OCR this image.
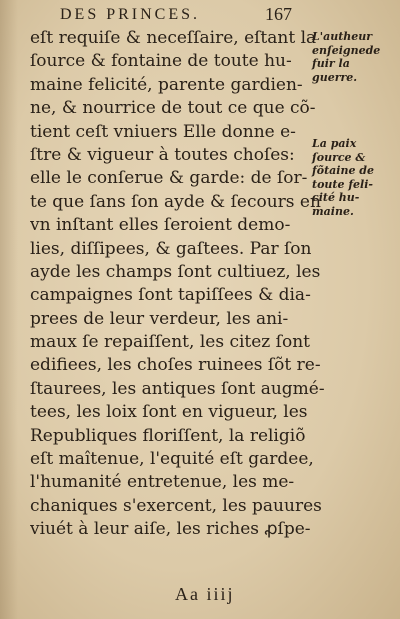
DES PRINCES.	167
eſt requiſe & neceſſaire, eſtant la
ſource & fontaine de toute hu-
maine felicité, parente gardien-
ne, & nourrice de tout ce que cõ-
tient ceſt vniuers Elle donne e-
ſtre & vigueur à toutes choſes:
elle le conſerue & garde: de ſor-
te que ſans ſon ayde & ſecours en
vn inſtant elles ſeroient demo-
lies, diſſipees, & gaſtees. Par ſon
ayde les champs ſont cultiuez, les
campaignes ſont tapiſſees & dia-
prees de leur verdeur, les ani-
maux ſe repaiſſent, les citez ſont
edifiees, les choſes ruinees ſõt re-
ſtaurees, les antiques ſont augmé-
tees, les loix ſont en vigueur, les
Republiques floriſſent, la religiõ
eſt maîtenue, l'equité eſt gardee,
l'humanité entretenue, les me-
chaniques s'exercent, les pauures
viuét à leur aiſe, les riches ꝓſpe-
L'autheur
enſeignede
fuir la
guerre.
La paix
ſource &
fõtaine de
toute feli-
cité hu-
maine.
Aa iiij
